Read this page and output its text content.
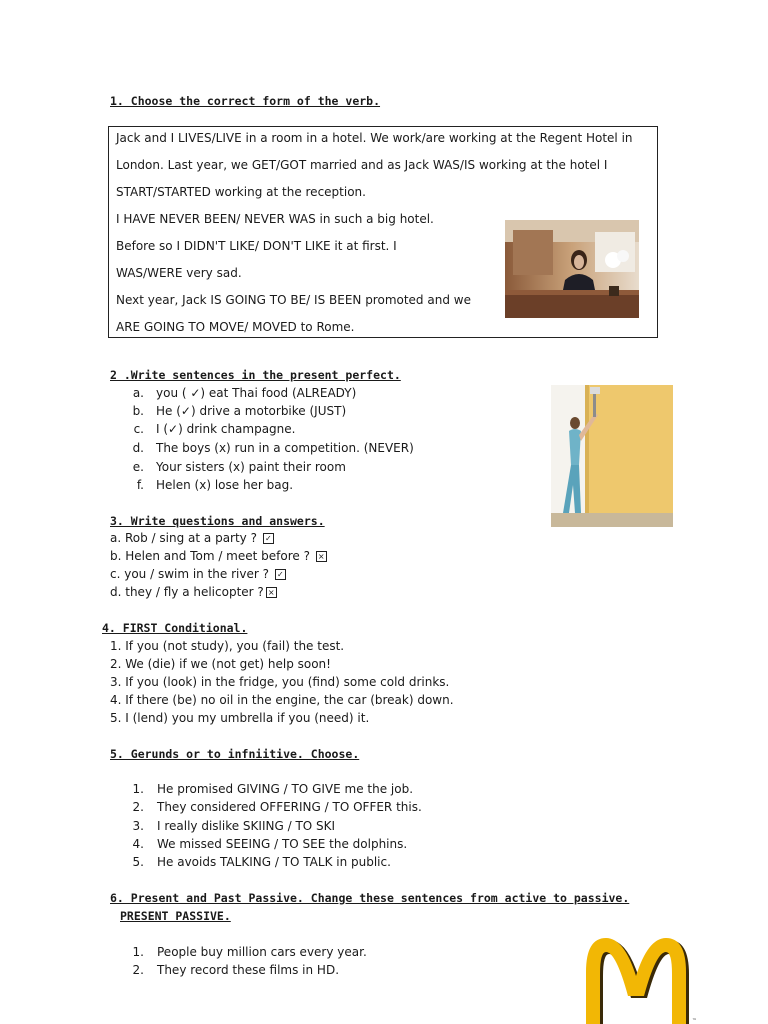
1. Choose the correct form of the verb.
Jack and I LIVES/LIVE in a room in a hotel. We work/are working at the Regent Hotel in
London. Last year, we GET/GOT married and as Jack WAS/IS working at the hotel I
START/STARTED working at the reception.
I HAVE NEVER BEEN/ NEVER WAS in such a big hotel.
Before so I DIDN'T LIKE/ DON'T LIKE it at first. I
WAS/WERE very sad.
Next year, Jack IS GOING TO BE/ IS BEEN promoted and we
ARE GOING TO MOVE/ MOVED to Rome.
2 .Write sentences in the present perfect.
a. you ( ✓) eat Thai food (ALREADY)
b. He (✓) drive a motorbike (JUST)
c. I (✓) drink champagne.
d. The boys (x) run in a competition. (NEVER)
e. Your sisters (x) paint their room
f. Helen (x) lose her bag.
3. Write questions and answers.
a. Rob / sing at a party ? ✓
b. Helen and Tom / meet before ? ×
c. you / swim in the river ? ✓
d. they / fly a helicopter ? ×
4. FIRST Conditional.
1. If you (not study), you (fail) the test.
2. We (die) if we (not get) help soon!
3. If you (look) in the fridge, you (find) some cold drinks.
4. If there (be) no oil in the engine, the car (break) down.
5. I (lend) you my umbrella if you (need) it.
5. Gerunds or to infniitive. Choose.
1. He promised GIVING / TO GIVE me the job.
2. They considered OFFERING / TO OFFER this.
3. I really dislike SKIING / TO SKI
4. We missed SEEING / TO SEE the dolphins.
5. He avoids TALKING / TO TALK in public.
6. Present and Past Passive. Change these sentences from active to passive.
PRESENT PASSIVE.
1. People buy million cars every year.
2. They record these films in HD.
™
